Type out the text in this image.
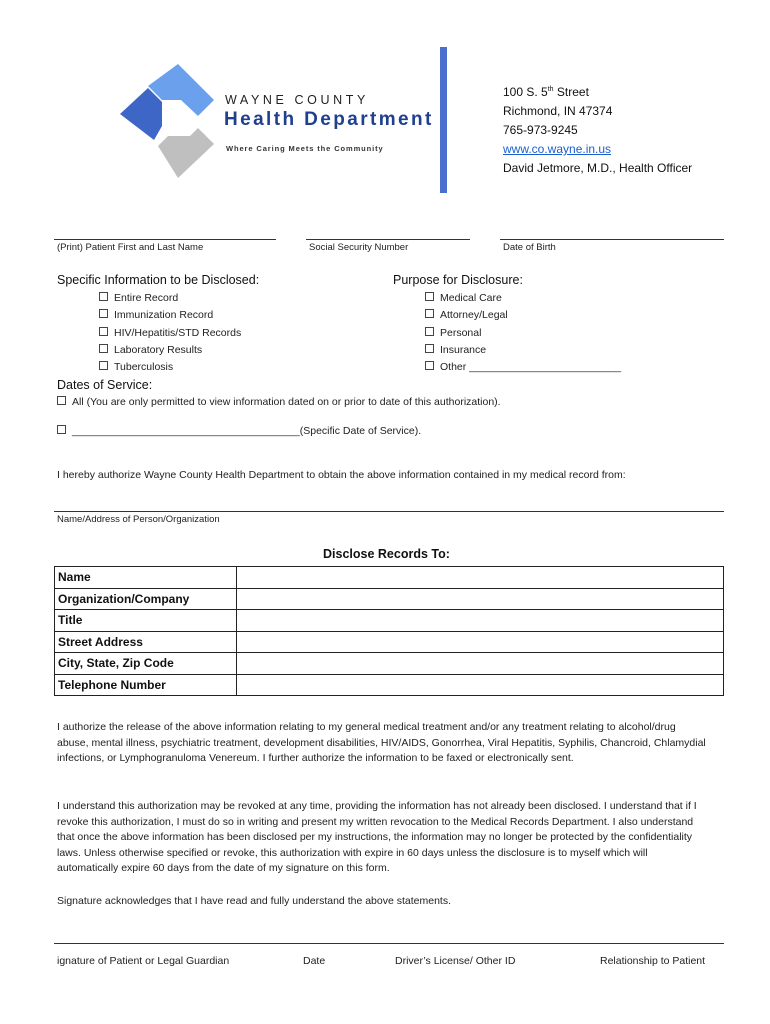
WAYNE COUNTY
Health Department
Where Caring Meets the Community
100 S. 5th Street
Richmond, IN 47374
765-973-9245
www.co.wayne.in.us
David Jetmore, M.D., Health Officer
(Print) Patient First and Last Name	Social Security Number	Date of Birth
Specific Information to be Disclosed:
Entire Record
Immunization Record
HIV/Hepatitis/STD Records
Laboratory Results
Tuberculosis
Purpose for Disclosure:
Medical Care
Attorney/Legal
Personal
Insurance
Other __________________________
Dates of Service:
All (You are only permitted to view information dated on or prior to date of this authorization).
_______________________________________(Specific Date of Service).
I hereby authorize Wayne County Health Department to obtain the above information contained in my medical record from:
Name/Address of Person/Organization
Disclose Records To:
Name	
Organization/Company	
Title	
Street Address	
City, State, Zip Code	
Telephone Number	
I authorize the release of the above information relating to my general medical treatment and/or any treatment relating to alcohol/drug abuse, mental illness, psychiatric treatment, development disabilities, HIV/AIDS, Gonorrhea, Viral Hepatitis, Syphilis, Chancroid, Chlamydial infections, or Lymphogranuloma Venereum. I further authorize the information to be faxed or electronically sent.
I understand this authorization may be revoked at any time, providing the information has not already been disclosed. I understand that if I revoke this authorization, I must do so in writing and present my written revocation to the Medical Records Department. I also understand that once the above information has been disclosed per my instructions, the information may no longer be protected by the confidentiality laws. Unless otherwise specified or revoke, this authorization with expire in 60 days unless the disclosure is to myself which will automatically expire 60 days from the date of my signature on this form.
Signature acknowledges that I have read and fully understand the above statements.
ignature of Patient or Legal Guardian	Date	Driver’s License/ Other ID	Relationship to Patient
